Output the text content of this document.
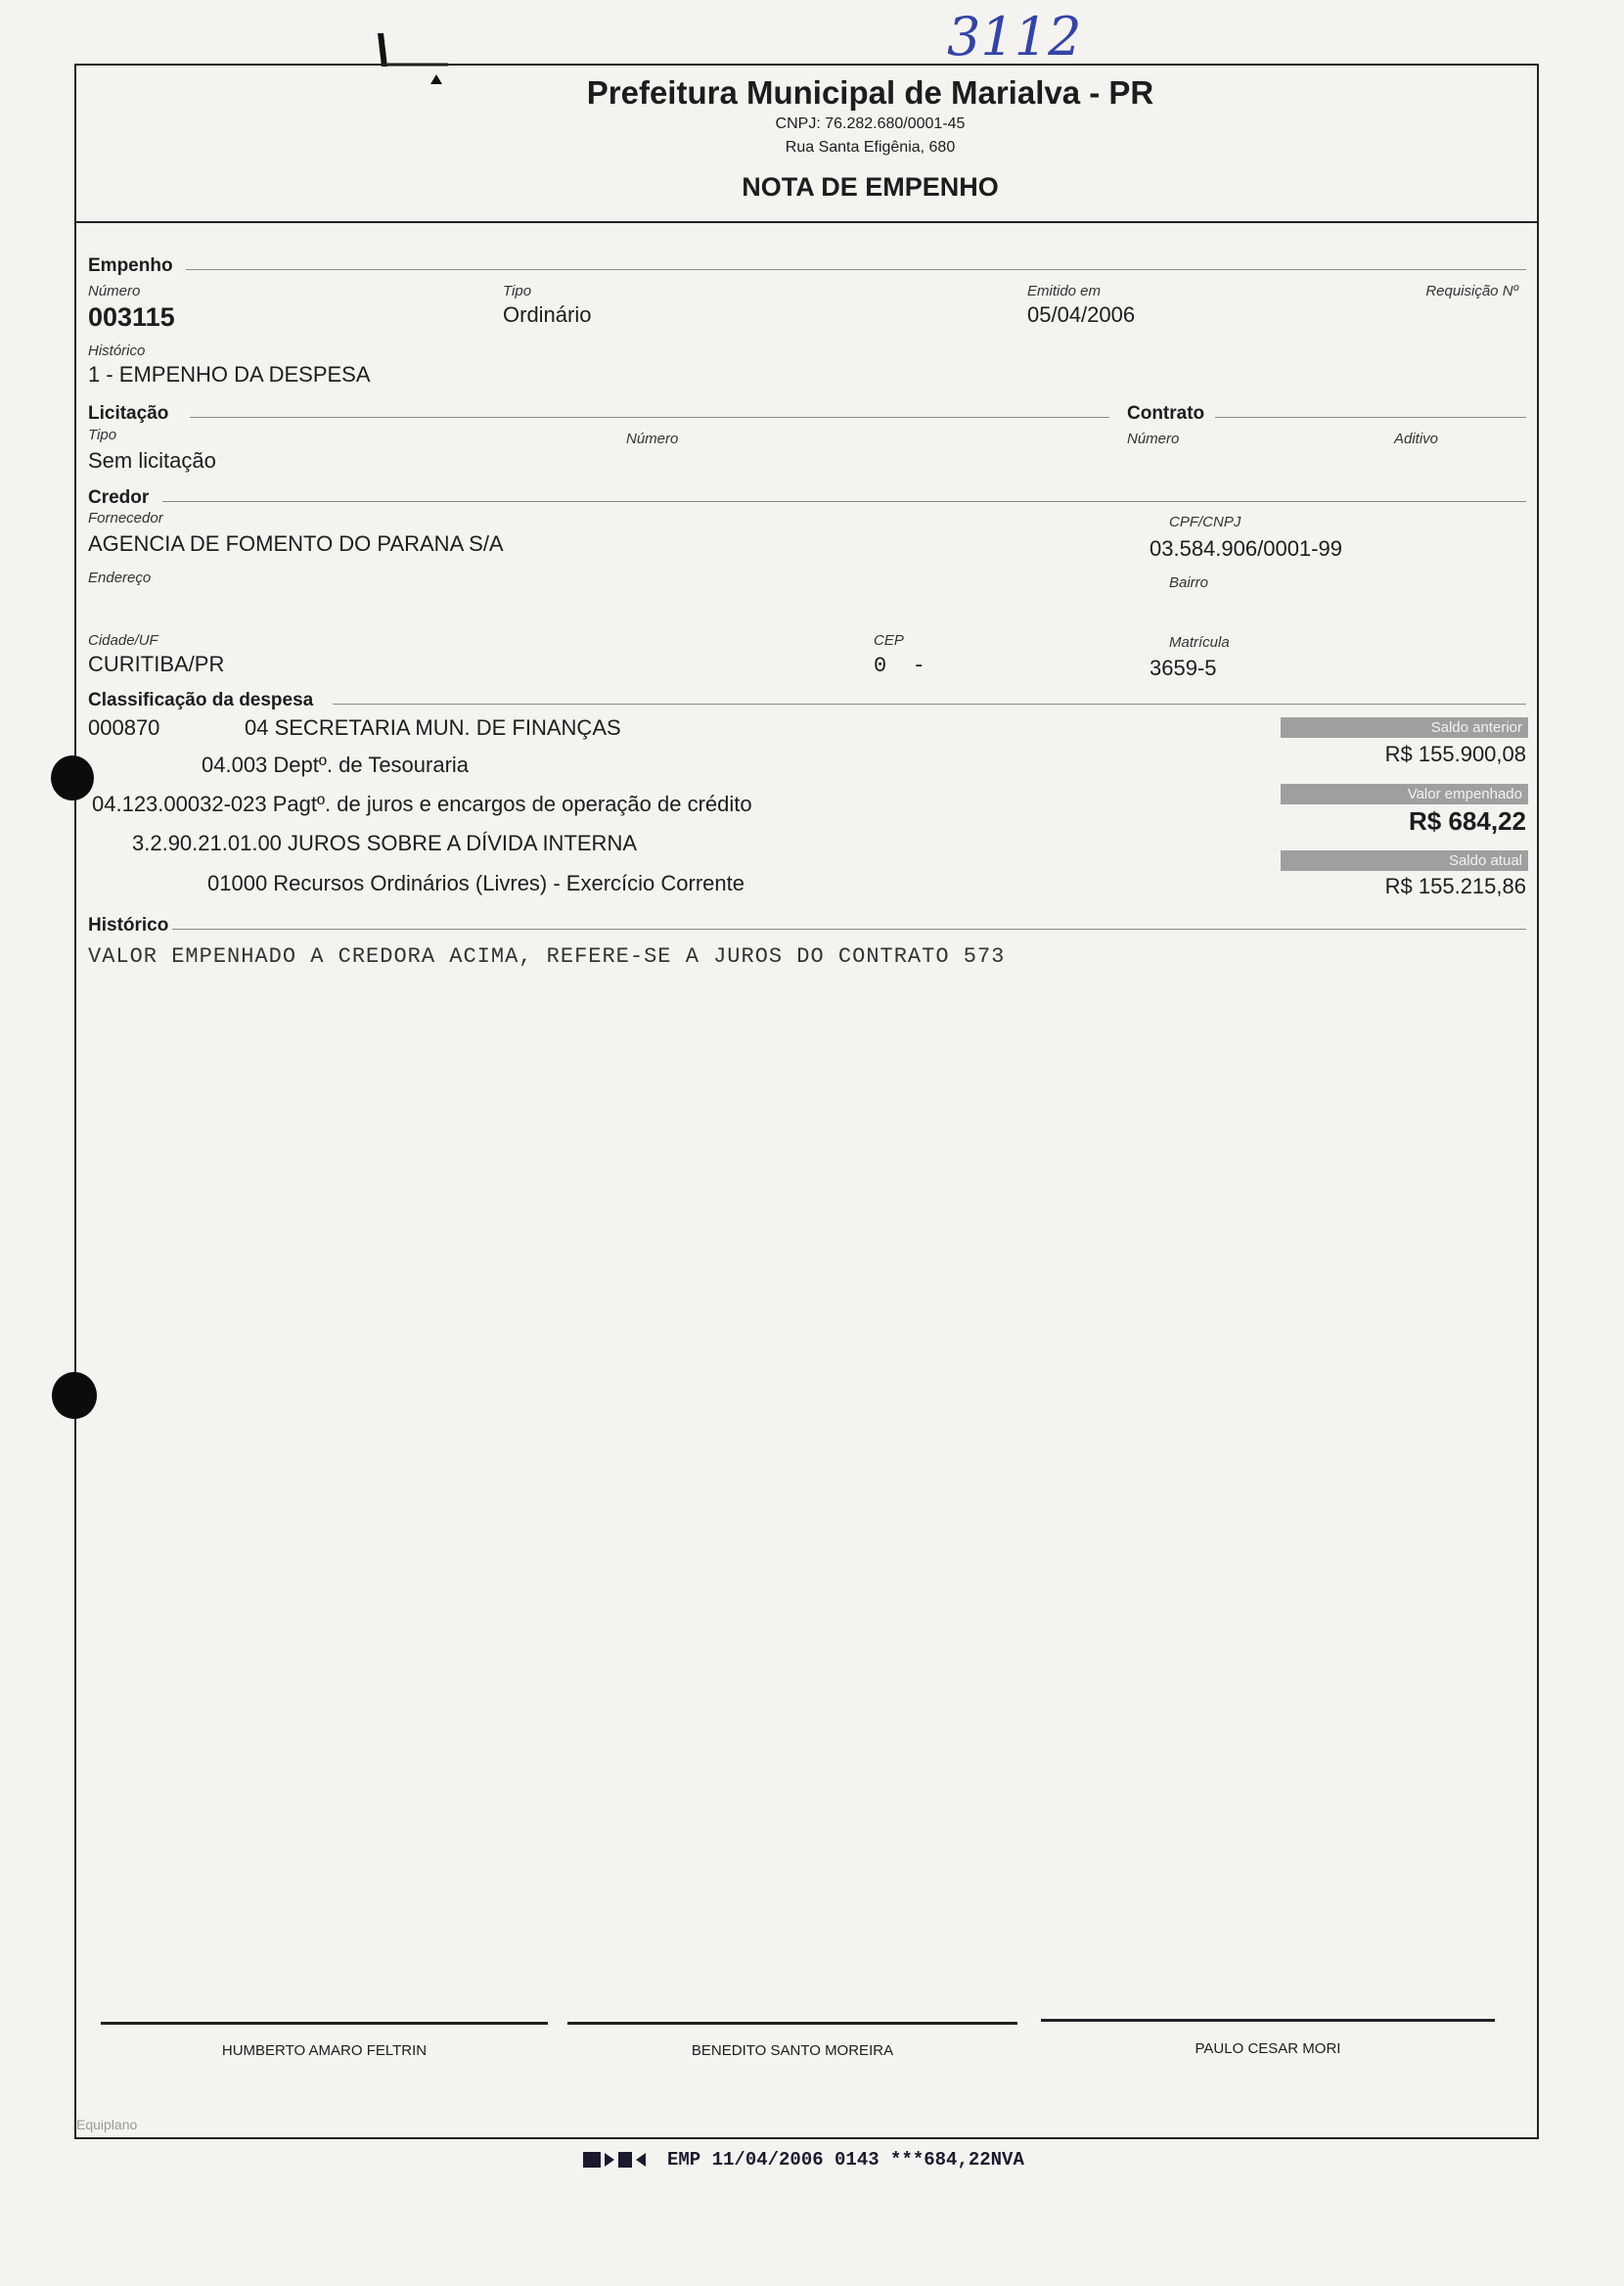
3112
Prefeitura Municipal de Marialva - PR
CNPJ: 76.282.680/0001-45
Rua Santa Efigênia, 680
NOTA DE EMPENHO
Empenho
Número
003115
Tipo
Ordinário
Emitido em
05/04/2006
Requisição Nº
Histórico
1 - EMPENHO DA DESPESA
Licitação	Contrato
Tipo
Sem licitação
Número	Número	Aditivo
Credor
Fornecedor
AGENCIA DE FOMENTO DO PARANA S/A
CPF/CNPJ
03.584.906/0001-99
Endereço	Bairro
Cidade/UF
CURITIBA/PR
CEP
0  -
Matrícula
3659-5
Classificação da despesa
000870	04 SECRETARIA MUN. DE FINANÇAS
04.003 Deptº. de Tesouraria
04.123.00032-023 Pagtº. de juros e encargos de operação de crédito
3.2.90.21.01.00 JUROS SOBRE A DÍVIDA INTERNA
01000 Recursos Ordinários (Livres) - Exercício Corrente
Saldo anterior
R$ 155.900,08
Valor empenhado
R$ 684,22
Saldo atual
R$ 155.215,86
Histórico
VALOR EMPENHADO A CREDORA ACIMA, REFERE-SE A JUROS DO CONTRATO 573
HUMBERTO AMARO FELTRIN	BENEDITO SANTO MOREIRA	PAULO CESAR MORI
Equiplano
EMP 11/04/2006 0143 ***684,22NVA
